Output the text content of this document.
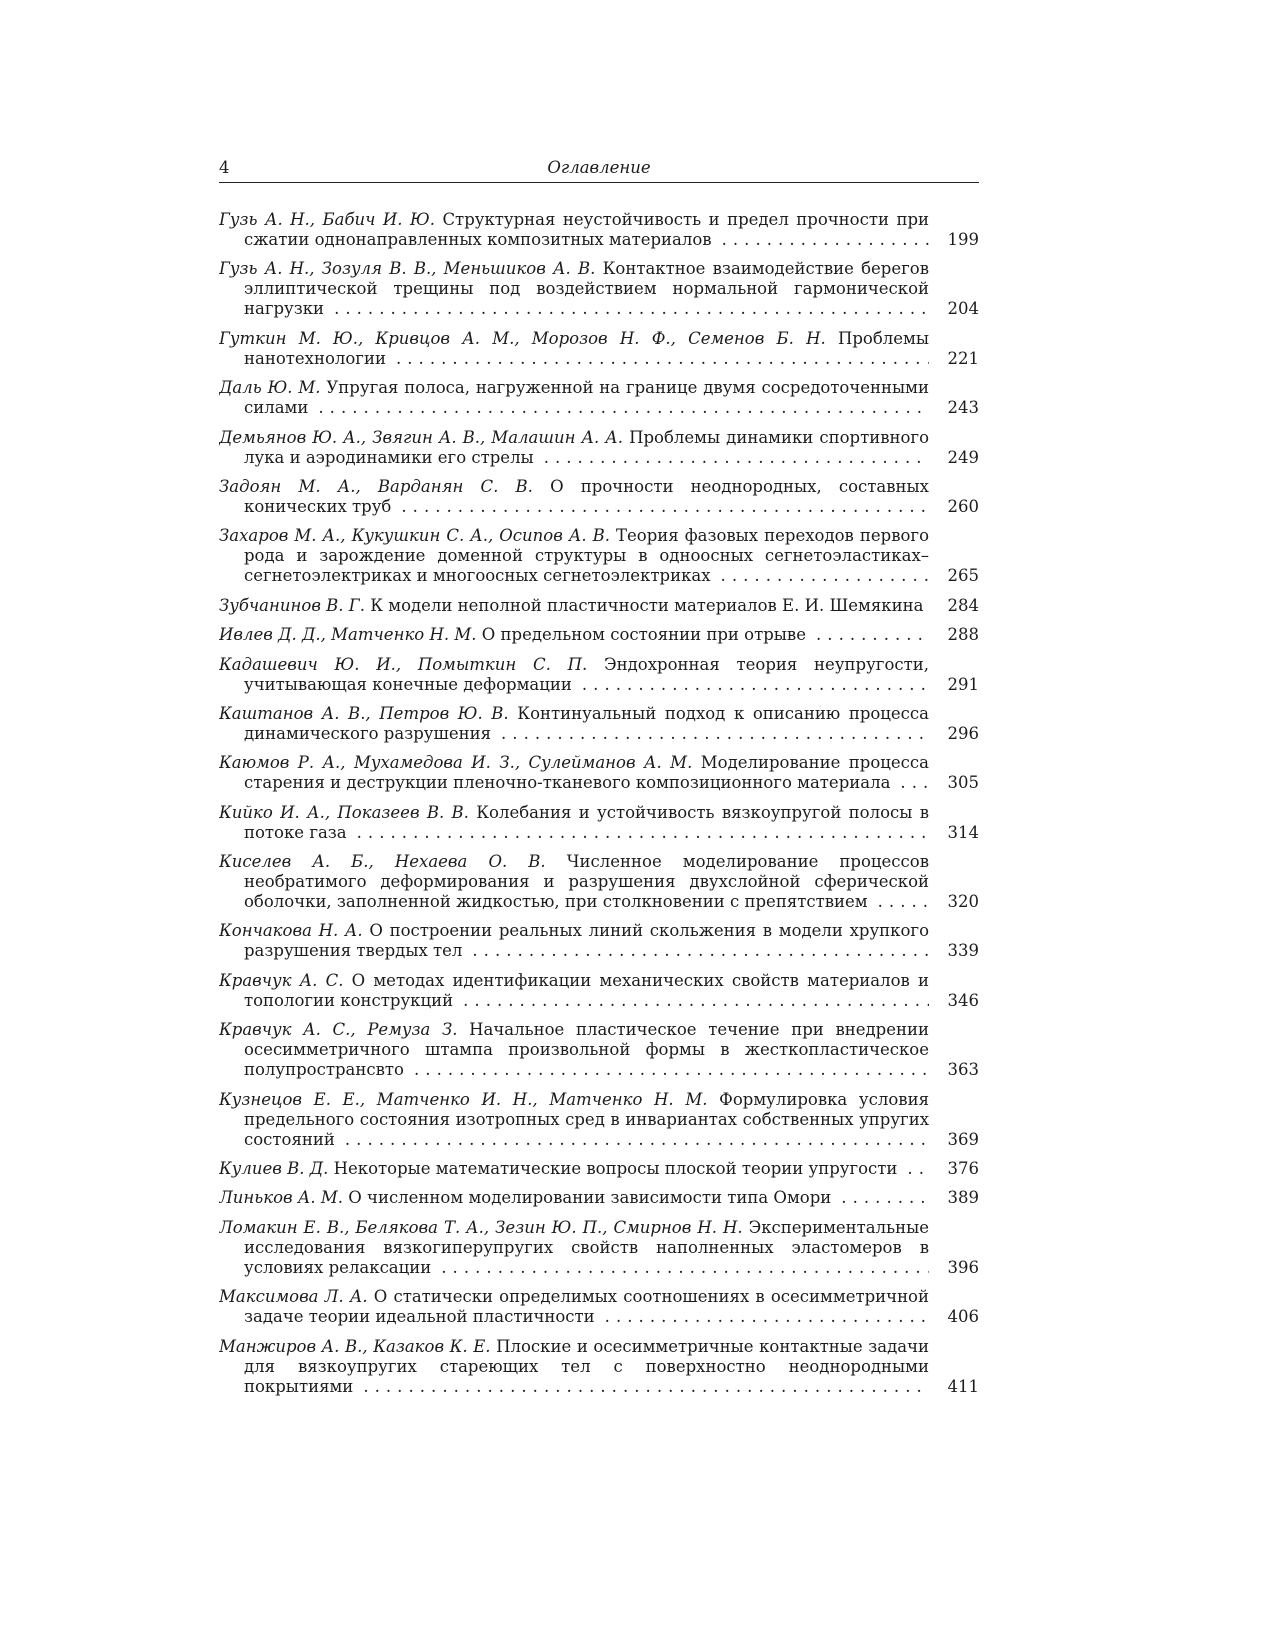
4	Оглавление
Гузь А. Н., Бабич И. Ю. Структурная неустойчивость и предел прочности при сжатии однонаправленных композитных материалов . . .	199
Гузь А. Н., Зозуля В. В., Меньшиков А. В. Контактное взаимодействие берегов эллиптической трещины под воздействием нормальной гармонической нагрузки . . .	204
Гуткин М. Ю., Кривцов А. М., Морозов Н. Ф., Семенов Б. Н. Проблемы нанотехнологии . . .	221
Даль Ю. М. Упругая полоса, нагруженной на границе двумя сосредоточенными силами . . .	243
Демьянов Ю. А., Звягин А. В., Малашин А. А. Проблемы динамики спортивного лука и аэродинамики его стрелы . . .	249
Задоян М. А., Варданян С. В. О прочности неоднородных, составных конических труб . . .	260
Захаров М. А., Кукушкин С. А., Осипов А. В. Теория фазовых переходов первого рода и зарождение доменной структуры в одноосных сегнетоэластиках–сегнетоэлектриках и многоосных сегнетоэлектриках . . .	265
Зубчанинов В. Г. К модели неполной пластичности материалов Е. И. Шемякина . . .	284
Ивлев Д. Д., Матченко Н. М. О предельном состоянии при отрыве . . .	288
Кадашевич Ю. И., Помыткин С. П. Эндохронная теория неупругости, учитывающая конечные деформации . . .	291
Каштанов А. В., Петров Ю. В. Континуальный подход к описанию процесса динамического разрушения . . .	296
Каюмов Р. А., Мухамедова И. З., Сулейманов А. М. Моделирование процесса старения и деструкции пленочно-тканевого композиционного материала . . .	305
Кийко И. А., Показеев В. В. Колебания и устойчивость вязкоупругой полосы в потоке газа . . .	314
Киселев А. Б., Нехаева О. В. Численное моделирование процессов необратимого деформирования и разрушения двухслойной сферической оболочки, заполненной жидкостью, при столкновении с препятствием . . .	320
Кончакова Н. А. О построении реальных линий скольжения в модели хрупкого разрушения твердых тел . . .	339
Кравчук А. С. О методах идентификации механических свойств материалов и топологии конструкций . . .	346
Кравчук А. С., Ремуза З. Начальное пластическое течение при внедрении осесимметричного штампа произвольной формы в жесткопластическое полупространсвто . . .	363
Кузнецов Е. Е., Матченко И. Н., Матченко Н. М. Формулировка условия предельного состояния изотропных сред в инвариантах собственных упругих состояний . . .	369
Кулиев В. Д. Некоторые математические вопросы плоской теории упругости . . .	376
Линьков А. М. О численном моделировании зависимости типа Омори . . .	389
Ломакин Е. В., Белякова Т. А., Зезин Ю. П., Смирнов Н. Н. Экспериментальные исследования вязкогиперупругих свойств наполненных эластомеров в условиях релаксации . . .	396
Максимова Л. А. О статически определимых соотношениях в осесимметричной задаче теории идеальной пластичности . . .	406
Манжиров А. В., Казаков К. Е. Плоские и осесимметричные контактные задачи для вязкоупругих стареющих тел с поверхностно неоднородными покрытиями . . .	411
